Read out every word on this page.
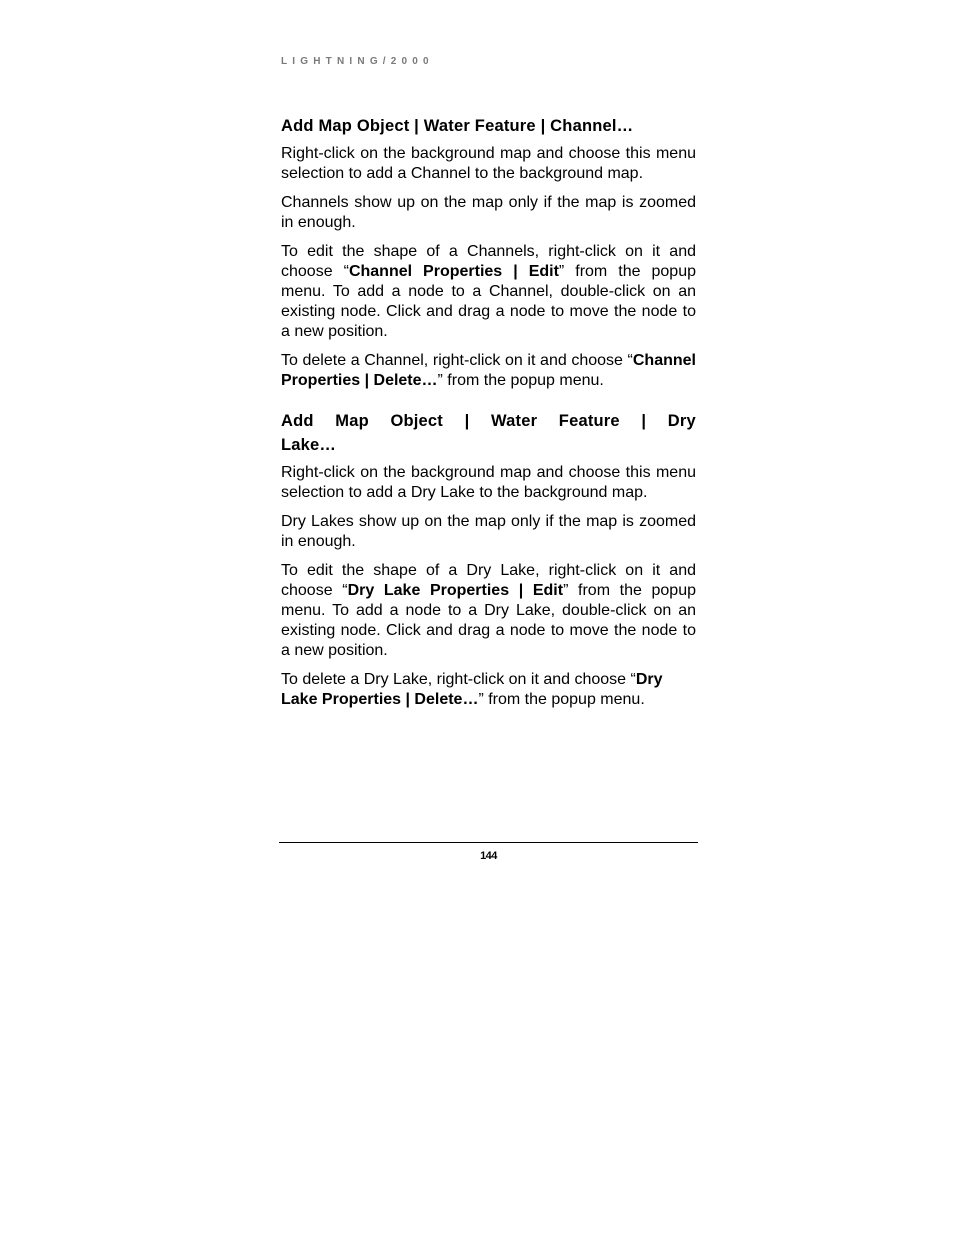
LIGHTNING/2000
Add Map Object | Water Feature | Channel…

Right-click on the background map and choose this menu selection to add a Channel to the background map.

Channels show up on the map only if the map is zoomed in enough.

To edit the shape of a Channels, right-click on it and choose “Channel Properties | Edit” from the popup menu. To add a node to a Channel, double-click on an existing node. Click and drag a node to move the node to a new position.

To delete a Channel, right-click on it and choose “Channel Properties | Delete…” from the popup menu.

Add Map Object | Water Feature | Dry
Lake…

Right-click on the background map and choose this menu selection to add a Dry Lake to the background map.

Dry Lakes show up on the map only if the map is zoomed in enough.

To edit the shape of a Dry Lake, right-click on it and choose “Dry Lake Properties | Edit” from the popup menu. To add a node to a Dry Lake, double-click on an existing node. Click and drag a node to move the node to a new position.

To delete a Dry Lake, right-click on it and choose “Dry Lake Properties | Delete…” from the popup menu.

144
